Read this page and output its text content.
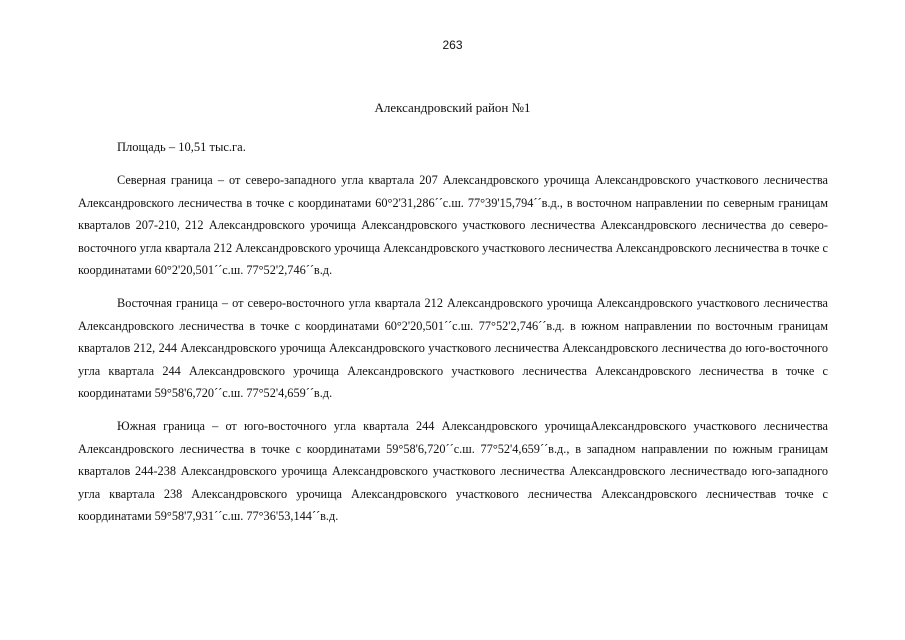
263
Александровский район №1
Площадь – 10,51 тыс.га.

Северная граница – от северо-западного угла квартала 207 Александровского урочища Александровского участкового лесничества Александровского лесничества в точке с координатами 60°2'31,286´´с.ш. 77°39'15,794´´в.д., в восточном направлении по северным границам кварталов 207-210, 212 Александровского урочища Александровского участкового лесничества Александровского лесничества до северо-восточного угла квартала 212 Александровского урочища Александровского участкового лесничества Александровского лесничества в точке с координатами 60°2'20,501´´с.ш. 77°52'2,746´´в.д.

Восточная граница – от северо-восточного угла квартала 212 Александровского урочища Александровского участкового лесничества Александровского лесничества в точке с координатами 60°2'20,501´´с.ш. 77°52'2,746´´в.д. в южном направлении по восточным границам кварталов 212, 244 Александровского урочища Александровского участкового лесничества Александровского лесничества до юго-восточного угла квартала 244 Александровского урочища Александровского участкового лесничества Александровского лесничества в точке с координатами 59°58'6,720´´с.ш. 77°52'4,659´´в.д.

Южная граница – от юго-восточного угла квартала 244 Александровского урочищаАлександровского участкового лесничества Александровского лесничества в точке с координатами 59°58'6,720´´с.ш. 77°52'4,659´´в.д., в западном направлении по южным границам кварталов 244-238 Александровского урочища Александровского участкового лесничества Александровского лесничествадо юго-западного угла квартала 238 Александровского урочища Александровского участкового лесничества Александровского лесничествав точке с координатами 59°58'7,931´´с.ш. 77°36'53,144´´в.д.
